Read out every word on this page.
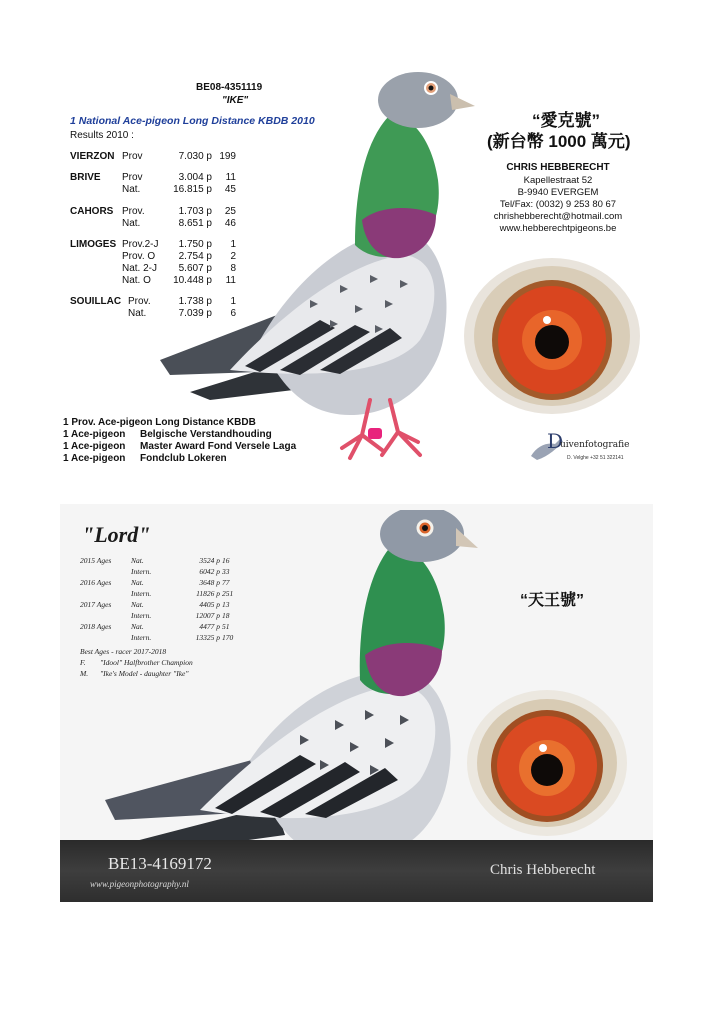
BE08-4351119
"IKE"
1 National Ace-pigeon Long Distance KBDB 2010
Results 2010 :
VIERZON Prov	7.030 p 199
BRIVE Prov	3.004 p	11
Nat.	16.815 p	45
CAHORS Prov.	1.703 p	25
Nat.	8.651 p	46
LIMOGES Prov.2-J	1.750 p	1
Prov. O	2.754 p	2
Nat. 2-J	5.607 p	8
Nat. O	10.448 p	11
SOUILLAC Prov.	1.738 p	1
Nat.	7.039 p	6
1 Prov. Ace-pigeon Long Distance KBDB
1 Ace-pigeon Belgische Verstandhouding
1 Ace-pigeon Master Award Fond Versele Laga
1 Ace-pigeon Fondclub Lokeren
“愛克號”
(新台幣 1000 萬元)
CHRIS HEBBERECHT
Kapellestraat 52
B-9940 EVERGEM
Tel/Fax: (0032) 9 253 80 67
chrishebberecht@hotmail.com
www.hebberechtpigeons.be
D
uivenfotografie
D. Velghe +32 51 322141
"Lord"
2015 Ages	Nat.	3524 p 16
Intern.	6042 p 33
2016 Ages	Nat.	3648 p 77
Intern.	11826 p 251
2017 Ages	Nat.	4405 p 13
Intern.	12007 p 18
2018 Ages	Nat.	4477 p 51
Intern.	13325 p 170
Best Ages - racer 2017-2018
F. "Idool" Halfbrother Champion
M. "Ike's Model - daughter "Ike"
“天王號”
BE13-4169172
www.pigeonphotography.nl
Chris Hebberecht
